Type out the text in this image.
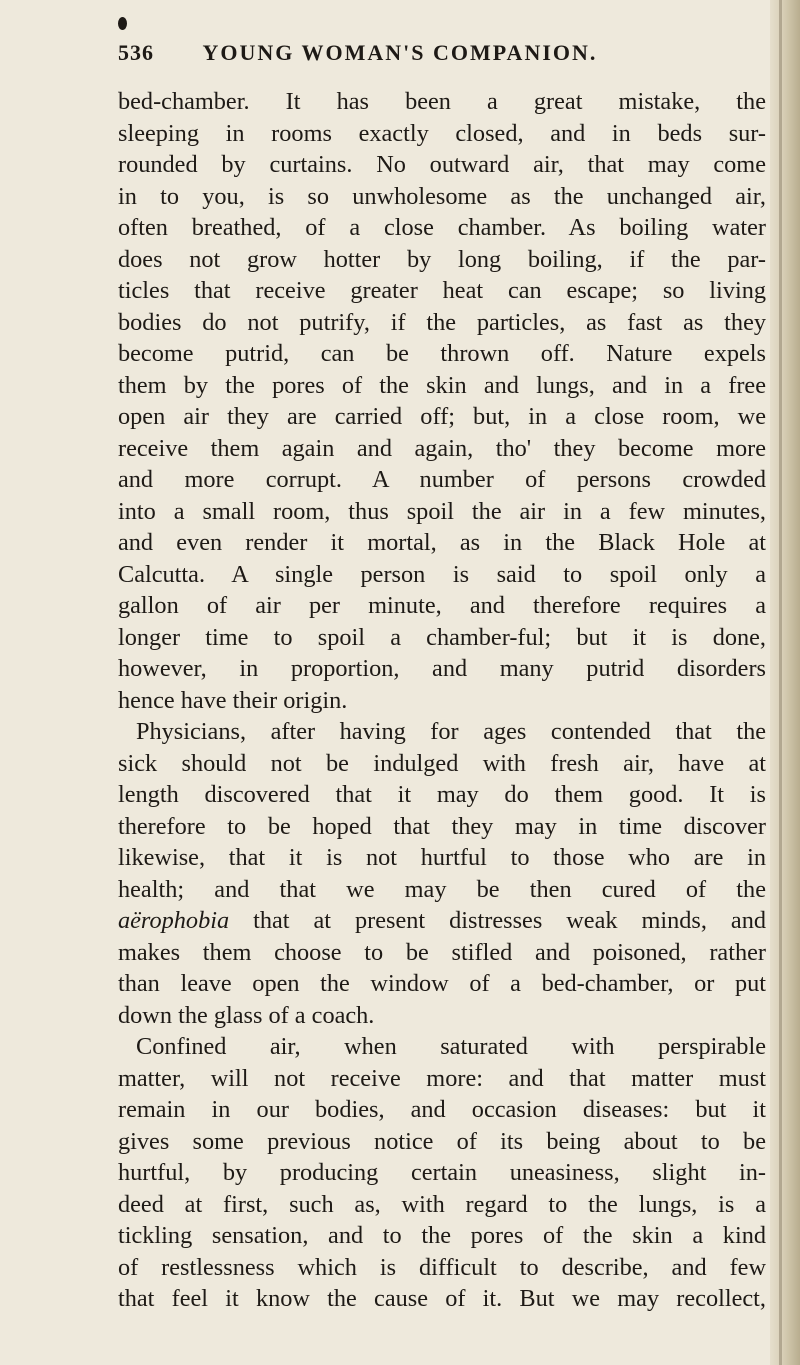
536 YOUNG WOMAN'S COMPANION.
bed-chamber. It has been a great mistake, the
sleeping in rooms exactly closed, and in beds sur-
rounded by curtains. No outward air, that may come
in to you, is so unwholesome as the unchanged air,
often breathed, of a close chamber. As boiling water
does not grow hotter by long boiling, if the par-
ticles that receive greater heat can escape; so living
bodies do not putrify, if the particles, as fast as they
become putrid, can be thrown off. Nature expels
them by the pores of the skin and lungs, and in a free
open air they are carried off; but, in a close room, we
receive them again and again, tho' they become more
and more corrupt. A number of persons crowded
into a small room, thus spoil the air in a few minutes,
and even render it mortal, as in the Black Hole at
Calcutta. A single person is said to spoil only a
gallon of air per minute, and therefore requires a
longer time to spoil a chamber-ful; but it is done,
however, in proportion, and many putrid disorders
hence have their origin.
Physicians, after having for ages contended that the
sick should not be indulged with fresh air, have at
length discovered that it may do them good. It is
therefore to be hoped that they may in time discover
likewise, that it is not hurtful to those who are in
health; and that we may be then cured of the
aërophobia that at present distresses weak minds, and
makes them choose to be stifled and poisoned, rather
than leave open the window of a bed-chamber, or put
down the glass of a coach.
Confined air, when saturated with perspirable
matter, will not receive more: and that matter must
remain in our bodies, and occasion diseases: but it
gives some previous notice of its being about to be
hurtful, by producing certain uneasiness, slight in-
deed at first, such as, with regard to the lungs, is a
tickling sensation, and to the pores of the skin a kind
of restlessness which is difficult to describe, and few
that feel it know the cause of it. But we may recollect,
